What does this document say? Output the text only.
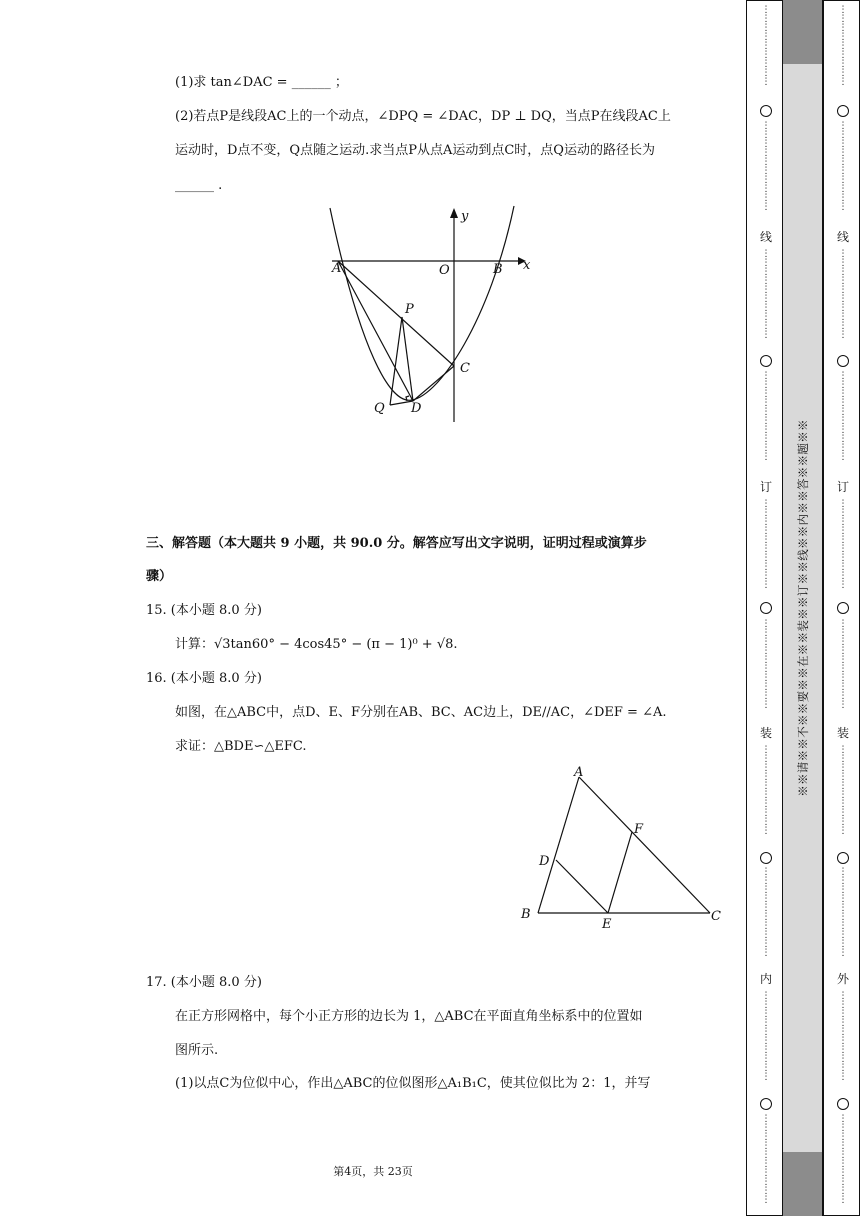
(1)求 tan∠DAC = ______ ；
(2)若点P是线段AC上的一个动点，∠DPQ = ∠DAC，DP ⊥ DQ，当点P在线段AC上
运动时，D点不变，Q点随之运动.求当点P从点A运动到点C时，点Q运动的路径长为
______ .
A	O	B x
y
P
C
Q D
三、解答题（本大题共 9 小题，共 90.0 分。解答应写出文字说明，证明过程或演算步
骤）
15. (本小题 8.0 分)
计算：√3tan60° − 4cos45° − (π − 1)⁰ + √8.
16. (本小题 8.0 分)
如图，在△ABC中，点D、E、F分别在AB、BC、AC边上，DE//AC，∠DEF = ∠A.
求证：△BDE∽△EFC.
A
B	C
D
E
F
17. (本小题 8.0 分)
在正方形网格中，每个小正方形的边长为 1，△ABC在平面直角坐标系中的位置如
图所示.
(1)以点C为位似中心，作出△ABC的位似图形△A₁B₁C，使其位似比为 2：1，并写
第4页，共 23页
⋮
⋮
⋮
⋮
⋮
⋮
⋮
⋮
⋮
⋮
⋮
⋮
⋮
⋮
⋮
⋮
⋮
⋮
⋮
线
⋮
⋮
⋮
⋮
⋮
⋮
⋮
⋮
⋮
⋮
⋮
⋮
⋮
⋮
⋮
⋮
⋮
⋮
⋮
⋮
订
⋮
⋮
⋮
⋮
⋮
⋮
⋮
⋮
⋮
⋮
⋮
⋮
⋮
⋮
⋮
⋮
⋮
⋮
⋮
⋮
装
⋮
⋮
⋮
⋮
⋮
⋮
⋮
⋮
⋮
⋮
⋮
⋮
⋮
⋮
⋮
⋮
⋮
⋮
⋮
⋮
内
⋮
⋮
⋮
⋮
⋮
⋮
⋮
⋮
⋮
⋮
⋮
⋮
⋮
⋮
⋮
⋮
⋮
⋮
⋮
⋮
⋮
⋮
⋮
⋮
⋮
⋮
⋮
⋮
⋮
⋮
⋮
⋮
⋮
⋮
⋮
⋮
⋮
⋮
⋮
线
⋮
⋮
⋮
⋮
⋮
⋮
⋮
⋮
⋮
⋮
⋮
⋮
⋮
⋮
⋮
⋮
⋮
⋮
⋮
⋮
订
⋮
⋮
⋮
⋮
⋮
⋮
⋮
⋮
⋮
⋮
⋮
⋮
⋮
⋮
⋮
⋮
⋮
⋮
⋮
⋮
装
⋮
⋮
⋮
⋮
⋮
⋮
⋮
⋮
⋮
⋮
⋮
⋮
⋮
⋮
⋮
⋮
⋮
⋮
⋮
⋮
外
⋮
⋮
⋮
⋮
⋮
⋮
⋮
⋮
⋮
⋮
⋮
⋮
⋮
⋮
⋮
⋮
⋮
⋮
⋮
⋮
※※请※※不※※要※※在※※装※※订※※线※※内※※答※※题※※
